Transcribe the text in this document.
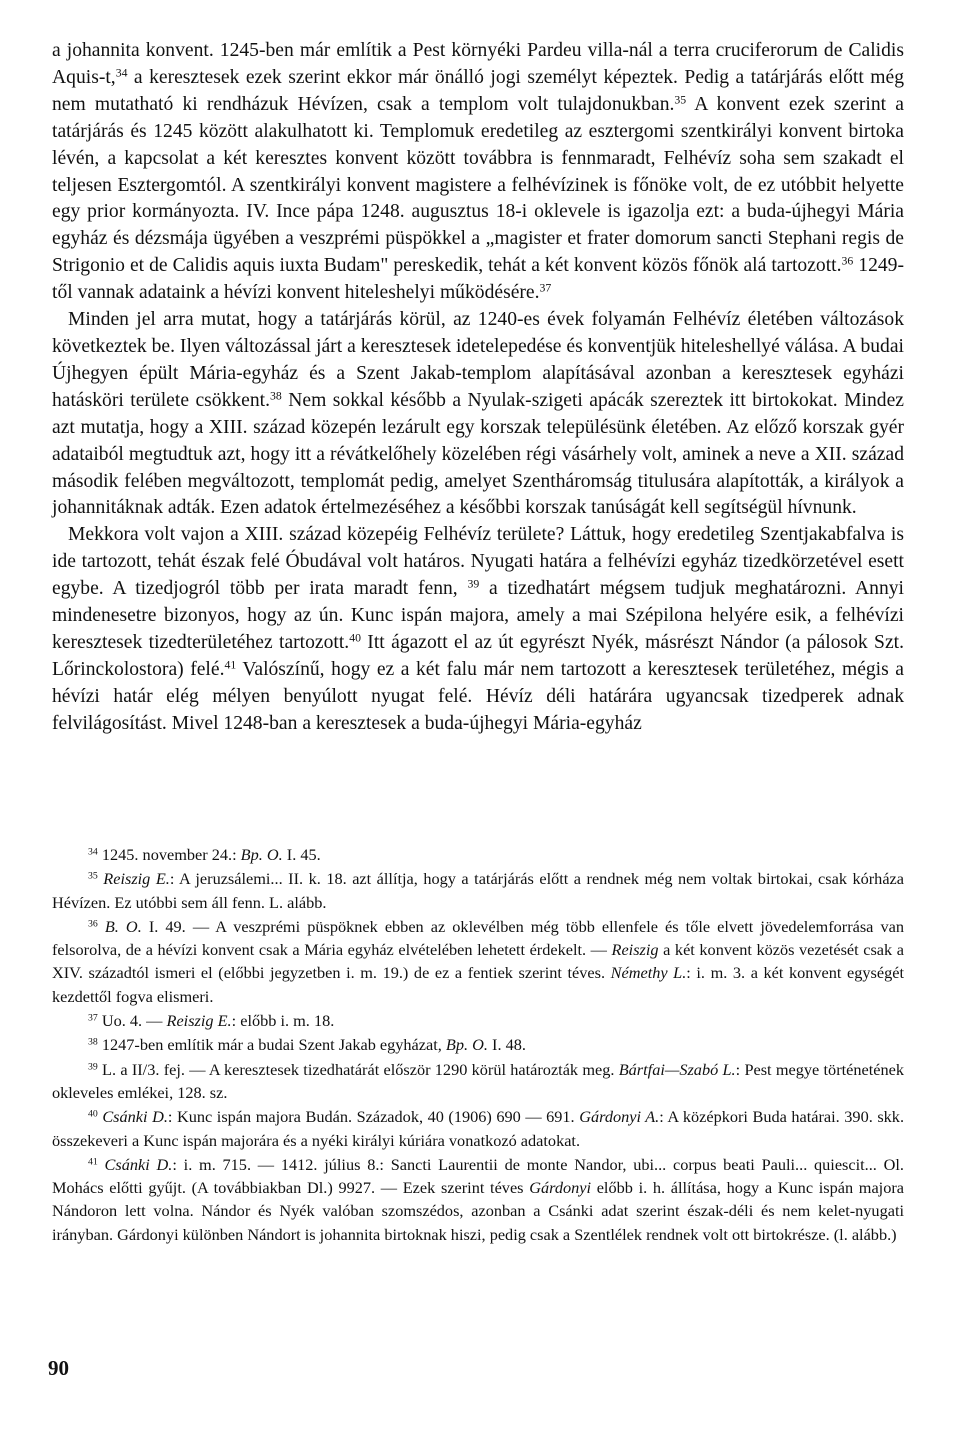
a johannita konvent. 1245-ben már említik a Pest környéki Pardeu villa-nál a terra cruciferorum de Calidis Aquis-t,$^{34}$ a keresztesek ezek szerint ekkor már önálló jogi személyt képeztek. Pedig a tatárjárás előtt még nem mutatható ki rendházuk Hévízen, csak a templom volt tulajdonukban.$^{35}$ A konvent ezek szerint a tatárjárás és 1245 között alakulhatott ki. Templomuk eredetileg az esztergomi szentkirályi konvent birtoka lévén, a kapcsolat a két keresztes konvent között továbbra is fennmaradt, Felhévíz soha sem szakadt el teljesen Esztergomtól. A szentkirályi konvent magistere a felhévízinek is főnöke volt, de ez utóbbit helyette egy prior kormányozta. IV. Ince pápa 1248. augusztus 18-i oklevele is igazolja ezt: a buda-újhegyi Mária egyház és dézsmája ügyében a veszprémi püspökkel a „magister et frater domorum sancti Stephani regis de Strigonio et de Calidis aquis iuxta Budam" pereskedik, tehát a két konvent közös főnök alá tartozott.$^{36}$ 1249-től vannak adataink a hévízi konvent hiteleshelyi működésére.$^{37}$

Minden jel arra mutat, hogy a tatárjárás körül, az 1240-es évek folyamán Felhévíz életében változások következtek be. Ilyen változással járt a keresztesek idetelepedése és konventjük hiteleshellyé válása. A budai Újhegyen épült Mária-egyház és a Szent Jakab-templom alapításával azonban a keresztesek egyházi hatásköri területe csökkent.$^{38}$ Nem sokkal később a Nyulak-szigeti apácák szereztek itt birtokokat. Mindez azt mutatja, hogy a XIII. század közepén lezárult egy korszak településünk életében. Az előző korszak gyér adataiból megtudtuk azt, hogy itt a révátkelőhely közelében régi vásárhely volt, aminek a neve a XII. század második felében megváltozott, templomát pedig, amelyet Szentháromság titulusára alapították, a királyok a johannitáknak adták. Ezen adatok értelmezéséhez a későbbi korszak tanúságát kell segítségül hívnunk.

Mekkora volt vajon a XIII. század közepéig Felhévíz területe? Láttuk, hogy eredetileg Szentjakabfalva is ide tartozott, tehát észak felé Óbudával volt határos. Nyugati határa a felhévízi egyház tizedkörzetével esett egybe. A tizedjogról több per irata maradt fenn, $^{39}$ a tizedhatárt mégsem tudjuk meghatározni. Annyi mindenesetre bizonyos, hogy az ún. Kunc ispán majora, amely a mai Szépilona helyére esik, a felhévízi keresztesek tizedterületéhez tartozott.$^{40}$ Itt ágazott el az út egyrészt Nyék, másrészt Nándor (a pálosok Szt. Lőrinckolostora) felé.$^{41}$ Valószínű, hogy ez a két falu már nem tartozott a keresztesek területéhez, mégis a hévízi határ elég mélyen benyúlott nyugat felé. Hévíz déli határára ugyancsak tizedperek adnak felvilágosítást. Mivel 1248-ban a keresztesek a buda-újhegyi Mária-egyház

$^{34}$ 1245. november 24.: Bp. O. I. 45.

$^{35}$ Reiszig E.: A jeruzsálemi... II. k. 18. azt állítja, hogy a tatárjárás előtt a rendnek még nem voltak birtokai, csak kórháza Hévízen. Ez utóbbi sem áll fenn. L. alább.

$^{36}$ B. O. I. 49. — A veszprémi püspöknek ebben az oklevélben még több ellenfele és tőle elvett jövedelemforrása van felsorolva, de a hévízi konvent csak a Mária egyház elvételében lehetett érdekelt. — Reiszig a két konvent közös vezetését csak a XIV. századtól ismeri el (előbbi jegyzetben i. m. 19.) de ez a fentiek szerint téves. Némethy L.: i. m. 3. a két konvent egységét kezdettől fogva elismeri.

$^{37}$ Uo. 4. — Reiszig E.: előbb i. m. 18.

$^{38}$ 1247-ben említik már a budai Szent Jakab egyházat, Bp. O. I. 48.

$^{39}$ L. a II/3. fej. — A keresztesek tizedhatárát először 1290 körül határozták meg. Bártfai—Szabó L.: Pest megye történetének okleveles emlékei, 128. sz.

$^{40}$ Csánki D.: Kunc ispán majora Budán. Századok, 40 (1906) 690 — 691. Gárdonyi A.: A középkori Buda határai. 390. skk. összekeveri a Kunc ispán majorára és a nyéki királyi kúriára vonatkozó adatokat.

$^{41}$ Csánki D.: i. m. 715. — 1412. július 8.: Sancti Laurentii de monte Nandor, ubi... corpus beati Pauli... quiescit... Ol. Mohács előtti gyűjt. (A továbbiakban Dl.) 9927. — Ezek szerint téves Gárdonyi előbb i. h. állítása, hogy a Kunc ispán majora Nándoron lett volna. Nándor és Nyék valóban szomszédos, azonban a Csánki adat szerint észak-déli és nem kelet-nyugati irányban. Gárdonyi különben Nándort is johannita birtoknak hiszi, pedig csak a Szentlélek rendnek volt ott birtokrésze. (l. alább.)

90
